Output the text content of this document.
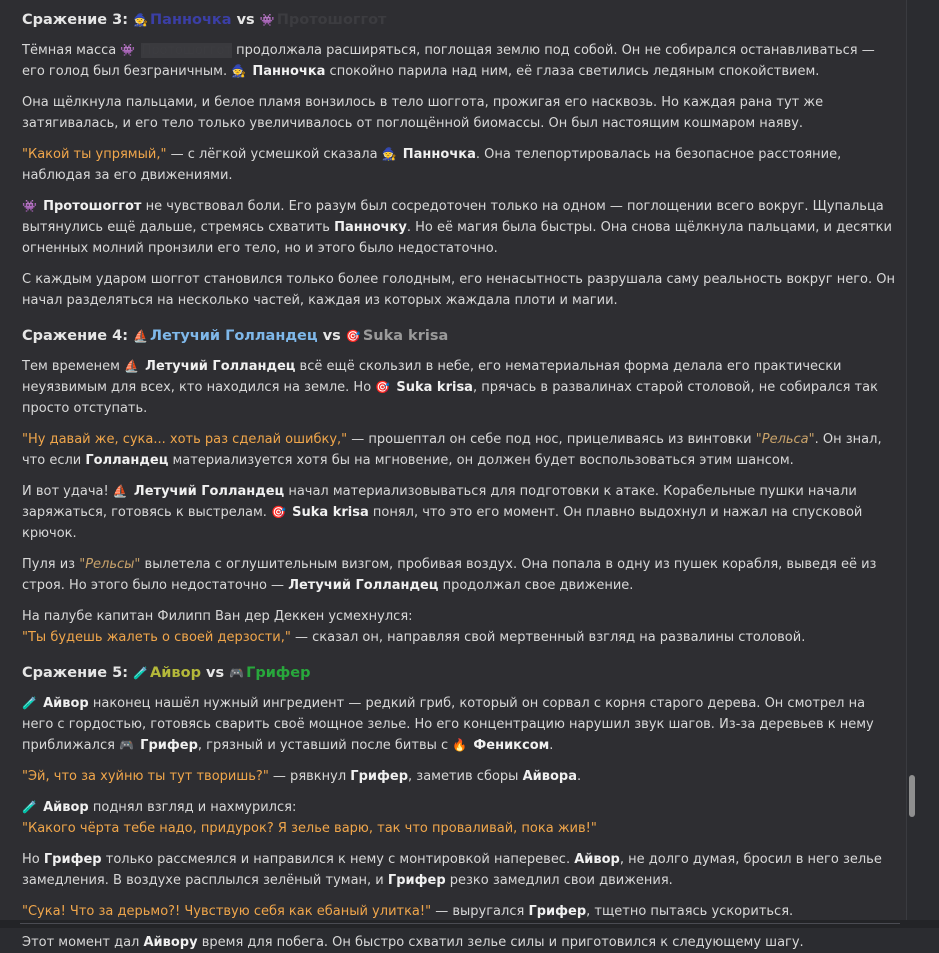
Сражение 3: 🧙 Панночка vs 👾 Протошоггот

Тёмная масса 👾 Протошоггот продолжала расширяться, поглощая землю под собой. Он не собирался останавливаться — его голод был безграничным. 🧙 Панночка спокойно парила над ним, её глаза светились ледяным спокойствием.

Она щёлкнула пальцами, и белое пламя вонзилось в тело шоггота, прожигая его насквозь. Но каждая рана тут же затягивалась, и его тело только увеличивалось от поглощённой биомассы. Он был настоящим кошмаром наяву.

"Какой ты упрямый," — с лёгкой усмешкой сказала 🧙 Панночка. Она телепортировалась на безопасное расстояние, наблюдая за его движениями.

👾 Протошоггот не чувствовал боли. Его разум был сосредоточен только на одном — поглощении всего вокруг. Щупальца вытянулись ещё дальше, стремясь схватить Панночку. Но её магия была быстры. Она снова щёлкнула пальцами, и десятки огненных молний пронзили его тело, но и этого было недостаточно.

С каждым ударом шоггот становился только более голодным, его ненасытность разрушала саму реальность вокруг него. Он начал разделяться на несколько частей, каждая из которых жаждала плоти и магии.

Сражение 4: ⛵ Летучий Голландец vs 🎯 Suka krisa

Тем временем ⛵ Летучий Голландец всё ещё скользил в небе, его нематериальная форма делала его практически неуязвимым для всех, кто находился на земле. Но 🎯 Suka krisa, прячась в развалинах старой столовой, не собирался так просто отступать.

"Ну давай же, сука... хоть раз сделай ошибку," — прошептал он себе под нос, прицеливаясь из винтовки "Рельса". Он знал, что если Голландец материализуется хотя бы на мгновение, он должен будет воспользоваться этим шансом.

И вот удача! ⛵ Летучий Голландец начал материализовываться для подготовки к атаке. Корабельные пушки начали заряжаться, готовясь к выстрелам. 🎯 Suka krisa понял, что это его момент. Он плавно выдохнул и нажал на спусковой крючок.

Пуля из "Рельсы" вылетела с оглушительным визгом, пробивая воздух. Она попала в одну из пушек корабля, выведя её из строя. Но этого было недостаточно — Летучий Голландец продолжал свое движение.

На палубе капитан Филипп Ван дер Деккен усмехнулся:

"Ты будешь жалеть о своей дерзости," — сказал он, направляя свой мертвенный взгляд на развалины столовой.

Сражение 5: 🧪 Айвор vs 🎮 Грифер

🧪 Айвор наконец нашёл нужный ингредиент — редкий гриб, который он сорвал с корня старого дерева. Он смотрел на него с гордостью, готовясь сварить своё мощное зелье. Но его концентрацию нарушил звук шагов. Из-за деревьев к нему приближался 🎮 Грифер, грязный и уставший после битвы с 🔥 Фениксом.

"Эй, что за хуйню ты тут творишь?" — рявкнул Грифер, заметив сборы Айвора.

🧪 Айвор поднял взгляд и нахмурился:

"Какого чёрта тебе надо, придурок? Я зелье варю, так что проваливай, пока жив!"

Но Грифер только рассмеялся и направился к нему с монтировкой наперевес. Айвор, не долго думая, бросил в него зелье замедления. В воздухе расплылся зелёный туман, и Грифер резко замедлил свои движения.

"Сука! Что за дерьмо?! Чувствую себя как ебаный улитка!" — выругался Грифер, тщетно пытаясь ускориться.

Этот момент дал Айвору время для побега. Он быстро схватил зелье силы и приготовился к следующему шагу.
